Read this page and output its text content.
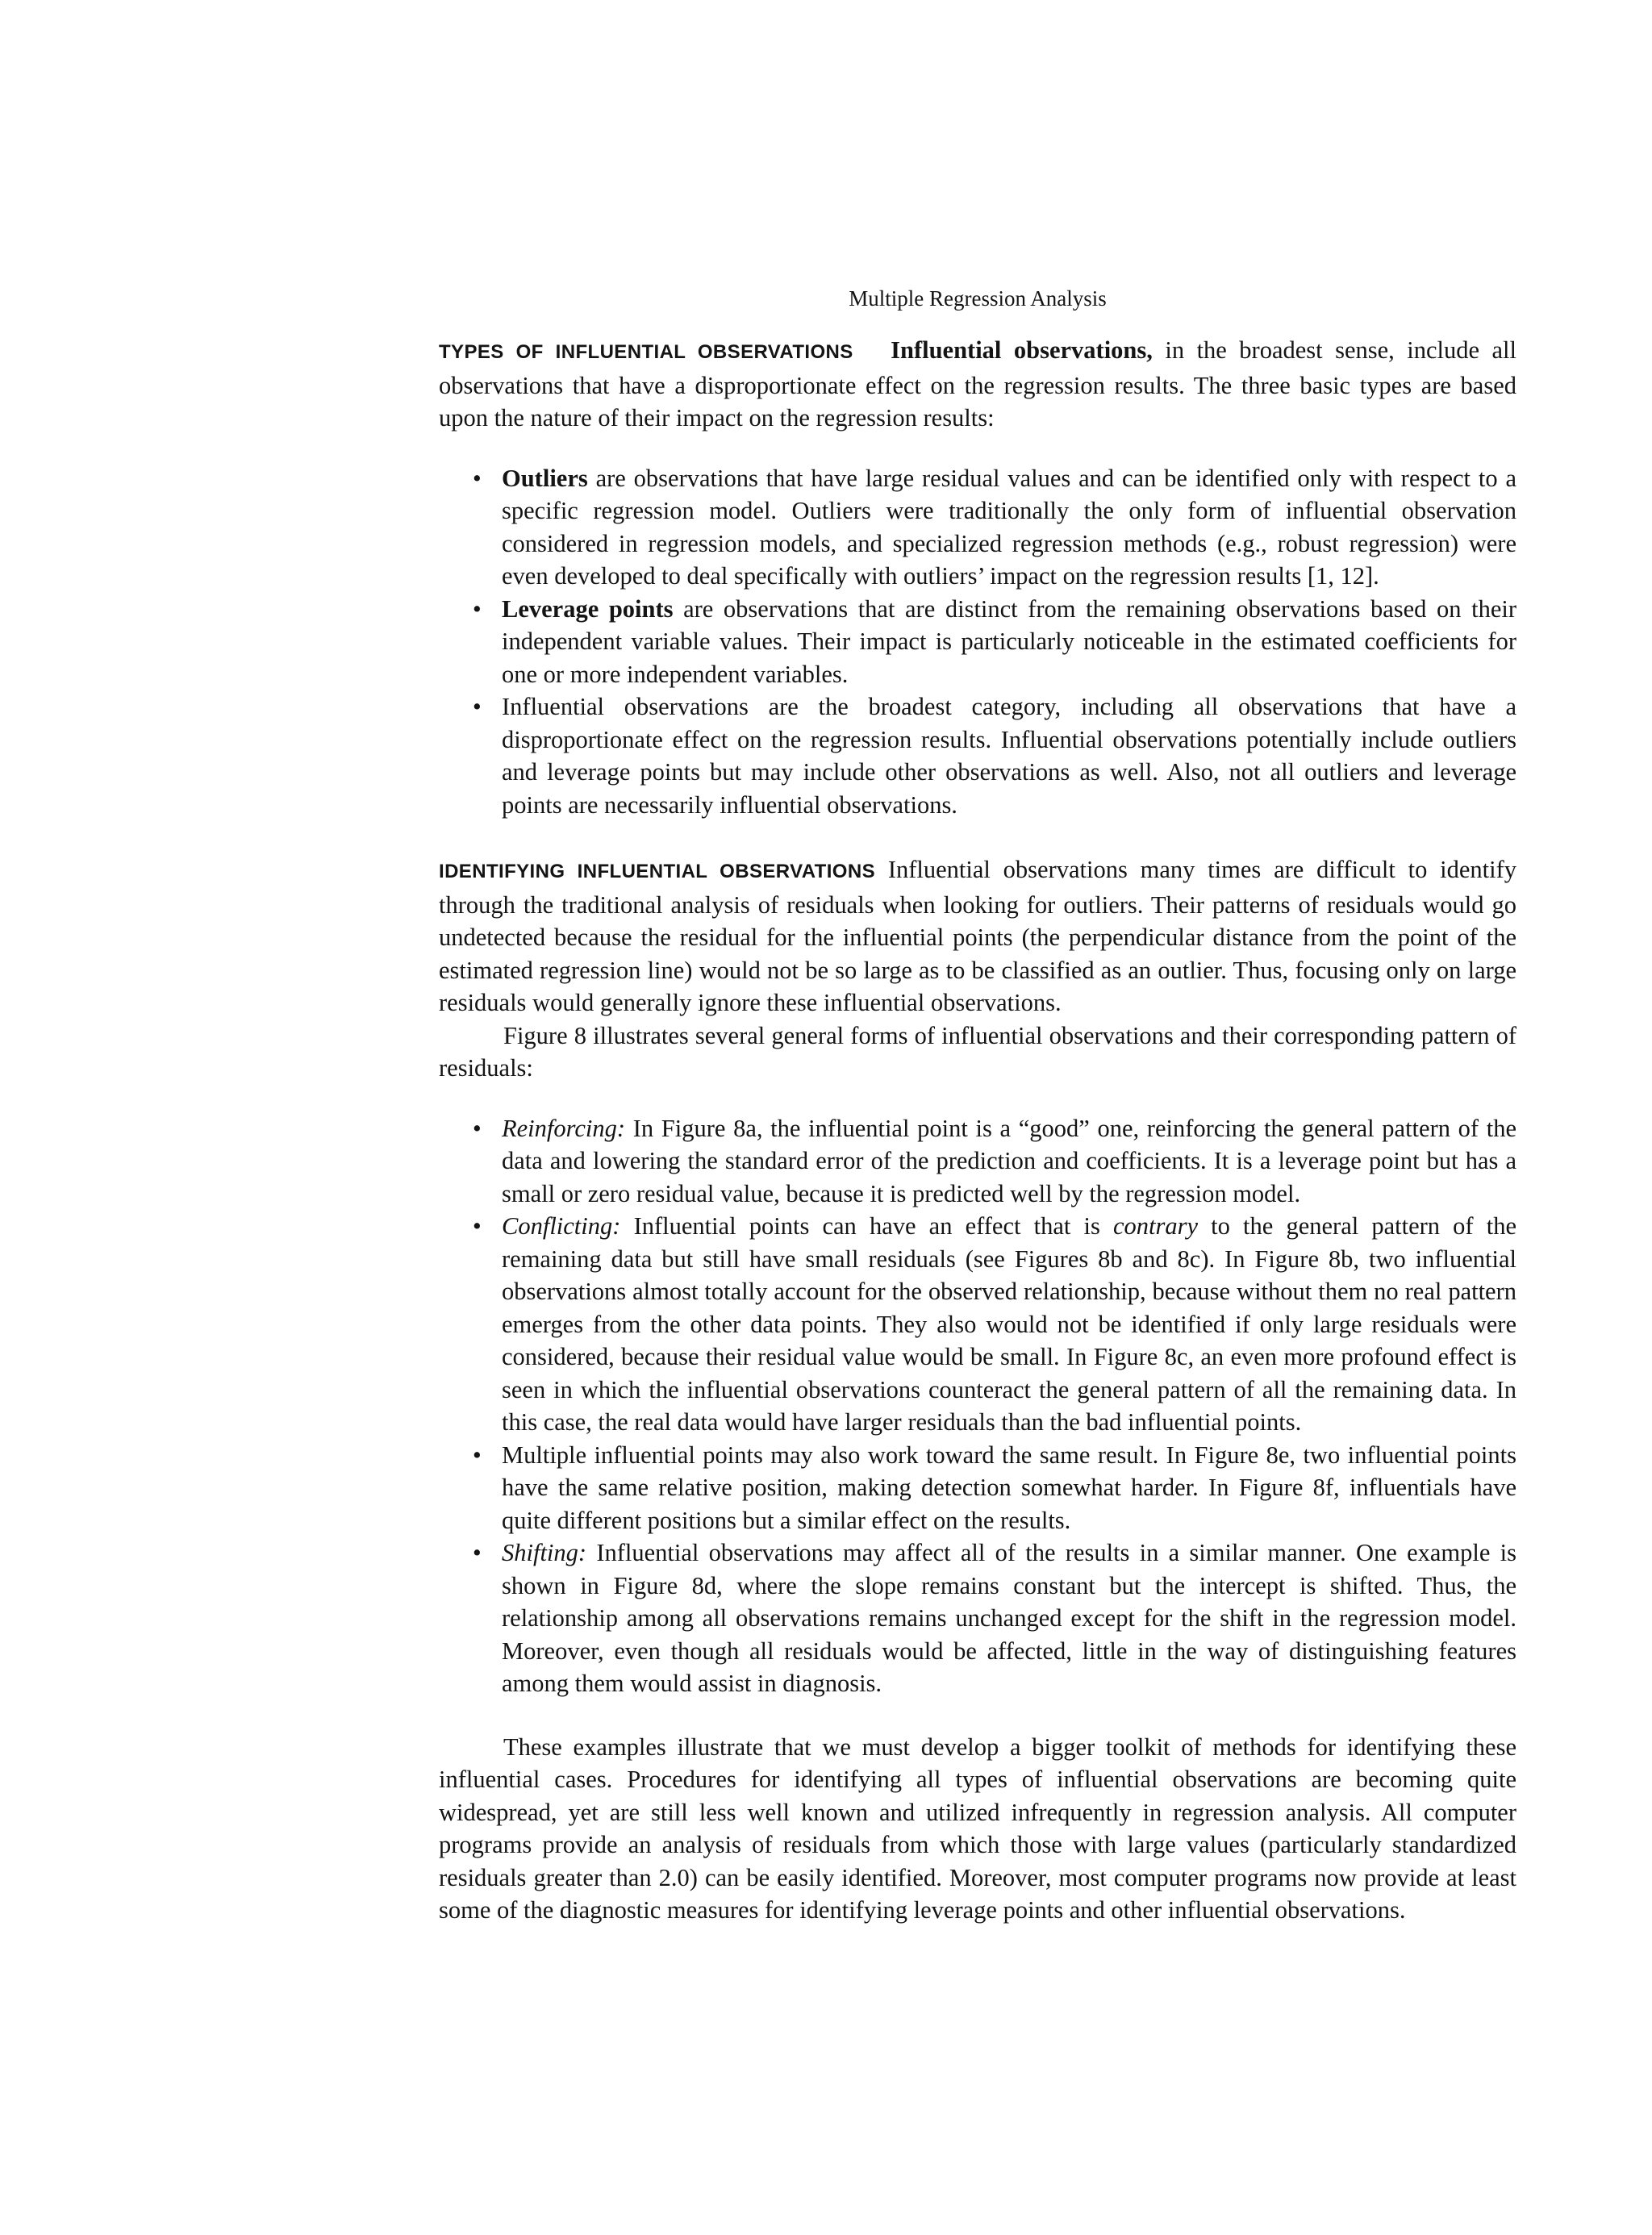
Multiple Regression Analysis

TYPES OF INFLUENTIAL OBSERVATIONS Influential observations, in the broadest sense, include all observations that have a disproportionate effect on the regression results. The three basic types are based upon the nature of their impact on the regression results:

• Outliers are observations that have large residual values and can be identified only with respect to a specific regression model. Outliers were traditionally the only form of influential observation considered in regression models, and specialized regression methods (e.g., robust regression) were even developed to deal specifically with outliers’ impact on the regression results [1, 12].
• Leverage points are observations that are distinct from the remaining observations based on their independent variable values. Their impact is particularly noticeable in the estimated coefficients for one or more independent variables.
• Influential observations are the broadest category, including all observations that have a disproportionate effect on the regression results. Influential observations potentially include outliers and leverage points but may include other observations as well. Also, not all outliers and leverage points are necessarily influential observations.

IDENTIFYING INFLUENTIAL OBSERVATIONS Influential observations many times are difficult to identify through the traditional analysis of residuals when looking for outliers. Their patterns of residuals would go undetected because the residual for the influential points (the perpendicular distance from the point of the estimated regression line) would not be so large as to be classified as an outlier. Thus, focusing only on large residuals would generally ignore these influential observations.

Figure 8 illustrates several general forms of influential observations and their corresponding pattern of residuals:

• Reinforcing: In Figure 8a, the influential point is a “good” one, reinforcing the general pattern of the data and lowering the standard error of the prediction and coefficients. It is a leverage point but has a small or zero residual value, because it is predicted well by the regression model.
• Conflicting: Influential points can have an effect that is contrary to the general pattern of the remaining data but still have small residuals (see Figures 8b and 8c). In Figure 8b, two influential observations almost totally account for the observed relationship, because without them no real pattern emerges from the other data points. They also would not be identified if only large residuals were considered, because their residual value would be small. In Figure 8c, an even more profound effect is seen in which the influential observations counteract the general pattern of all the remaining data. In this case, the real data would have larger residuals than the bad influential points.
• Multiple influential points may also work toward the same result. In Figure 8e, two influential points have the same relative position, making detection somewhat harder. In Figure 8f, influentials have quite different positions but a similar effect on the results.
• Shifting: Influential observations may affect all of the results in a similar manner. One example is shown in Figure 8d, where the slope remains constant but the intercept is shifted. Thus, the relationship among all observations remains unchanged except for the shift in the regression model. Moreover, even though all residuals would be affected, little in the way of distinguishing features among them would assist in diagnosis.

These examples illustrate that we must develop a bigger toolkit of methods for identifying these influential cases. Procedures for identifying all types of influential observations are becoming quite widespread, yet are still less well known and utilized infrequently in regression analysis. All computer programs provide an analysis of residuals from which those with large values (particularly standardized residuals greater than 2.0) can be easily identified. Moreover, most computer programs now provide at least some of the diagnostic measures for identifying leverage points and other influential observations.
